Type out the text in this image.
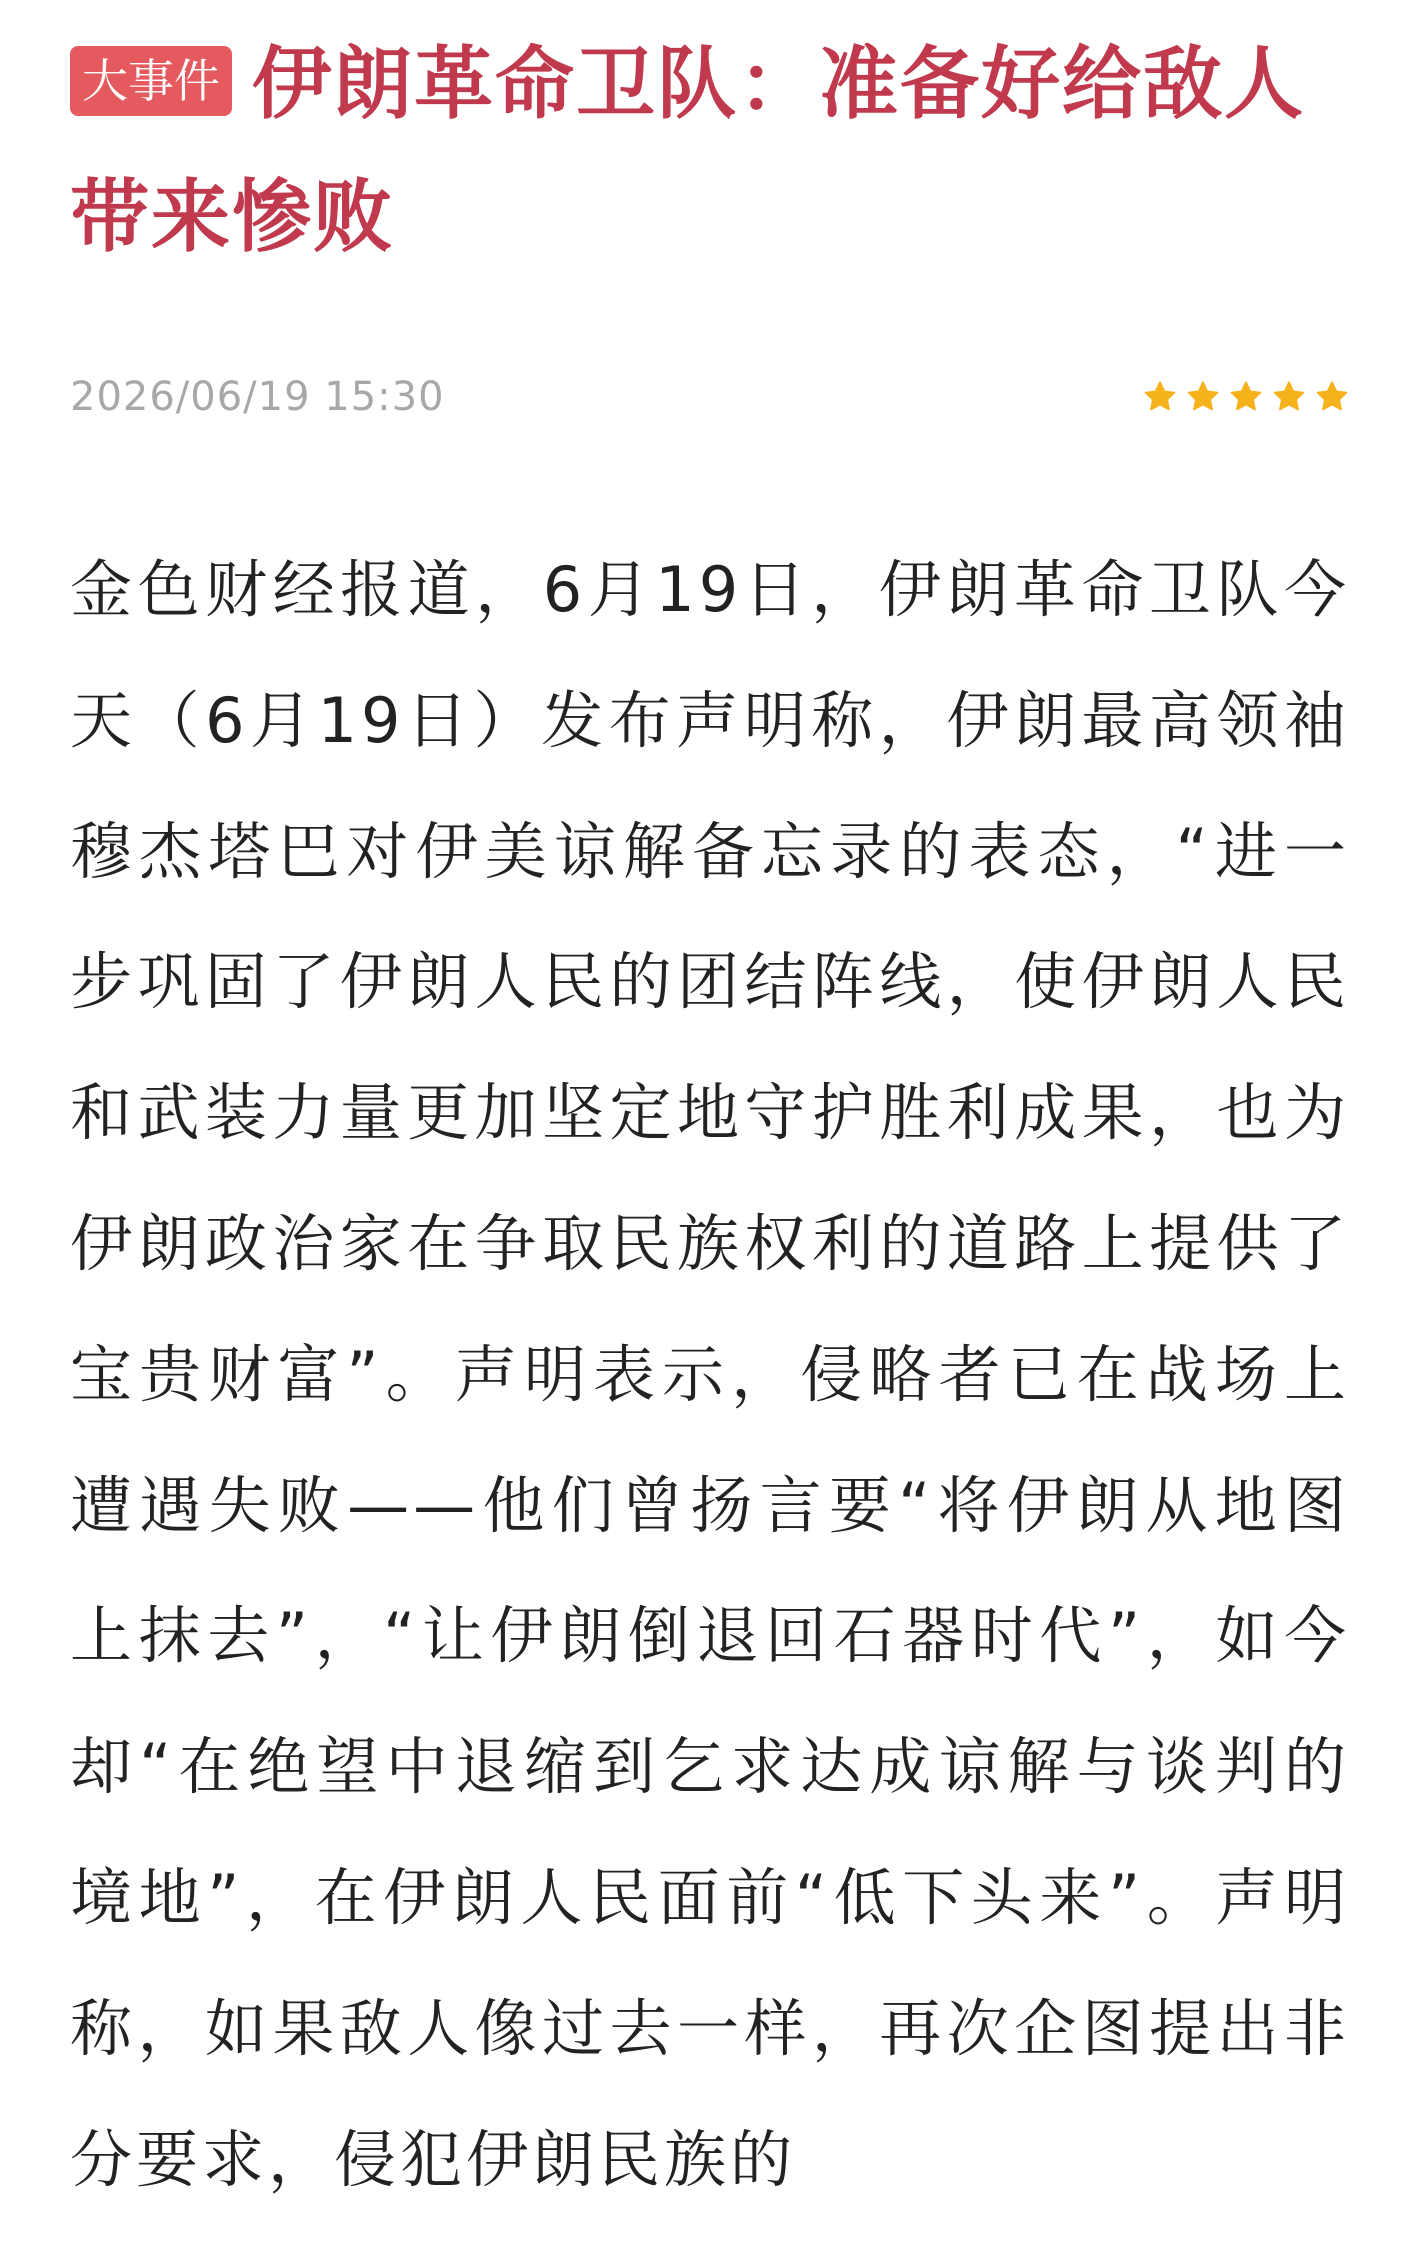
大事件 伊朗革命卫队：准备好给敌人带来惨败
2026/06/19 15:30

金色财经报道，6月19日，伊朗革命卫队今天（6月19日）发布声明称，伊朗最高领袖穆杰塔巴对伊美谅解备忘录的表态，“进一步巩固了伊朗人民的团结阵线，使伊朗人民和武装力量更加坚定地守护胜利成果，也为伊朗政治家在争取民族权利的道路上提供了宝贵财富”。声明表示，侵略者已在战场上遭遇失败——他们曾扬言要“将伊朗从地图上抹去”，“让伊朗倒退回石器时代”，如今却“在绝望中退缩到乞求达成谅解与谈判的境地”，在伊朗人民面前“低下头来”。声明称，如果敌人像过去一样，再次企图提出非分要求，侵犯伊朗民族的
